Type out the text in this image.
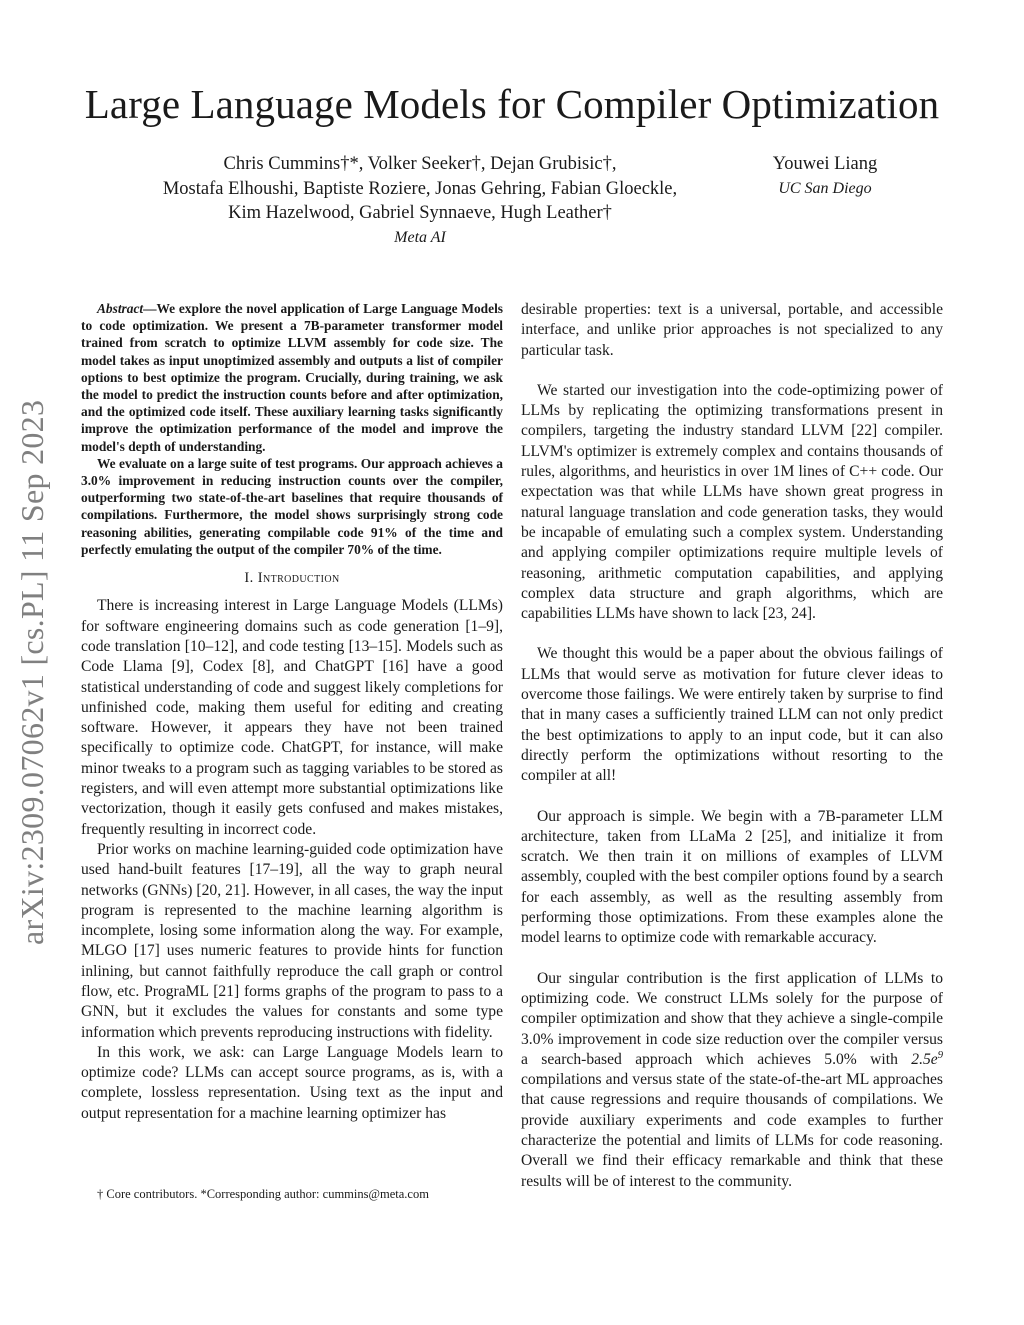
Large Language Models for Compiler Optimization
Chris Cummins†*, Volker Seeker†, Dejan Grubisic†,
Mostafa Elhoushi, Baptiste Roziere, Jonas Gehring, Fabian Gloeckle,
Kim Hazelwood, Gabriel Synnaeve, Hugh Leather†
Meta AI
Youwei Liang
UC San Diego
arXiv:2309.07062v1 [cs.PL] 11 Sep 2023

Abstract—We explore the novel application of Large Language Models to code optimization. We present a 7B-parameter transformer model trained from scratch to optimize LLVM assembly for code size. The model takes as input unoptimized assembly and outputs a list of compiler options to best optimize the program. Crucially, during training, we ask the model to predict the instruction counts before and after optimization, and the optimized code itself. These auxiliary learning tasks significantly improve the optimization performance of the model and improve the model's depth of understanding.

We evaluate on a large suite of test programs. Our approach achieves a 3.0% improvement in reducing instruction counts over the compiler, outperforming two state-of-the-art baselines that require thousands of compilations. Furthermore, the model shows surprisingly strong code reasoning abilities, generating compilable code 91% of the time and perfectly emulating the output of the compiler 70% of the time.

I. Introduction

There is increasing interest in Large Language Models (LLMs) for software engineering domains such as code generation [1–9], code translation [10–12], and code testing [13–15]. Models such as Code Llama [9], Codex [8], and ChatGPT [16] have a good statistical understanding of code and suggest likely completions for unfinished code, making them useful for editing and creating software. However, it appears they have not been trained specifically to optimize code. ChatGPT, for instance, will make minor tweaks to a program such as tagging variables to be stored as registers, and will even attempt more substantial optimizations like vectorization, though it easily gets confused and makes mistakes, frequently resulting in incorrect code.

Prior works on machine learning-guided code optimization have used hand-built features [17–19], all the way to graph neural networks (GNNs) [20, 21]. However, in all cases, the way the input program is represented to the machine learning algorithm is incomplete, losing some information along the way. For example, MLGO [17] uses numeric features to provide hints for function inlining, but cannot faithfully reproduce the call graph or control flow, etc. PrograML [21] forms graphs of the program to pass to a GNN, but it excludes the values for constants and some type information which prevents reproducing instructions with fidelity.

In this work, we ask: can Large Language Models learn to optimize code? LLMs can accept source programs, as is, with a complete, lossless representation. Using text as the input and output representation for a machine learning optimizer has

† Core contributors. *Corresponding author: cummins@meta.com

desirable properties: text is a universal, portable, and accessible interface, and unlike prior approaches is not specialized to any particular task.

We started our investigation into the code-optimizing power of LLMs by replicating the optimizing transformations present in compilers, targeting the industry standard LLVM [22] compiler. LLVM's optimizer is extremely complex and contains thousands of rules, algorithms, and heuristics in over 1M lines of C++ code. Our expectation was that while LLMs have shown great progress in natural language translation and code generation tasks, they would be incapable of emulating such a complex system. Understanding and applying compiler optimizations require multiple levels of reasoning, arithmetic computation capabilities, and applying complex data structure and graph algorithms, which are capabilities LLMs have shown to lack [23, 24].

We thought this would be a paper about the obvious failings of LLMs that would serve as motivation for future clever ideas to overcome those failings. We were entirely taken by surprise to find that in many cases a sufficiently trained LLM can not only predict the best optimizations to apply to an input code, but it can also directly perform the optimizations without resorting to the compiler at all!

Our approach is simple. We begin with a 7B-parameter LLM architecture, taken from LLaMa 2 [25], and initialize it from scratch. We then train it on millions of examples of LLVM assembly, coupled with the best compiler options found by a search for each assembly, as well as the resulting assembly from performing those optimizations. From these examples alone the model learns to optimize code with remarkable accuracy.

Our singular contribution is the first application of LLMs to optimizing code. We construct LLMs solely for the purpose of compiler optimization and show that they achieve a single-compile 3.0% improvement in code size reduction over the compiler versus a search-based approach which achieves 5.0% with $2.5e^9$ compilations and versus state of the state-of-the-art ML approaches that cause regressions and require thousands of compilations. We provide auxiliary experiments and code examples to further characterize the potential and limits of LLMs for code reasoning. Overall we find their efficacy remarkable and think that these results will be of interest to the community.
